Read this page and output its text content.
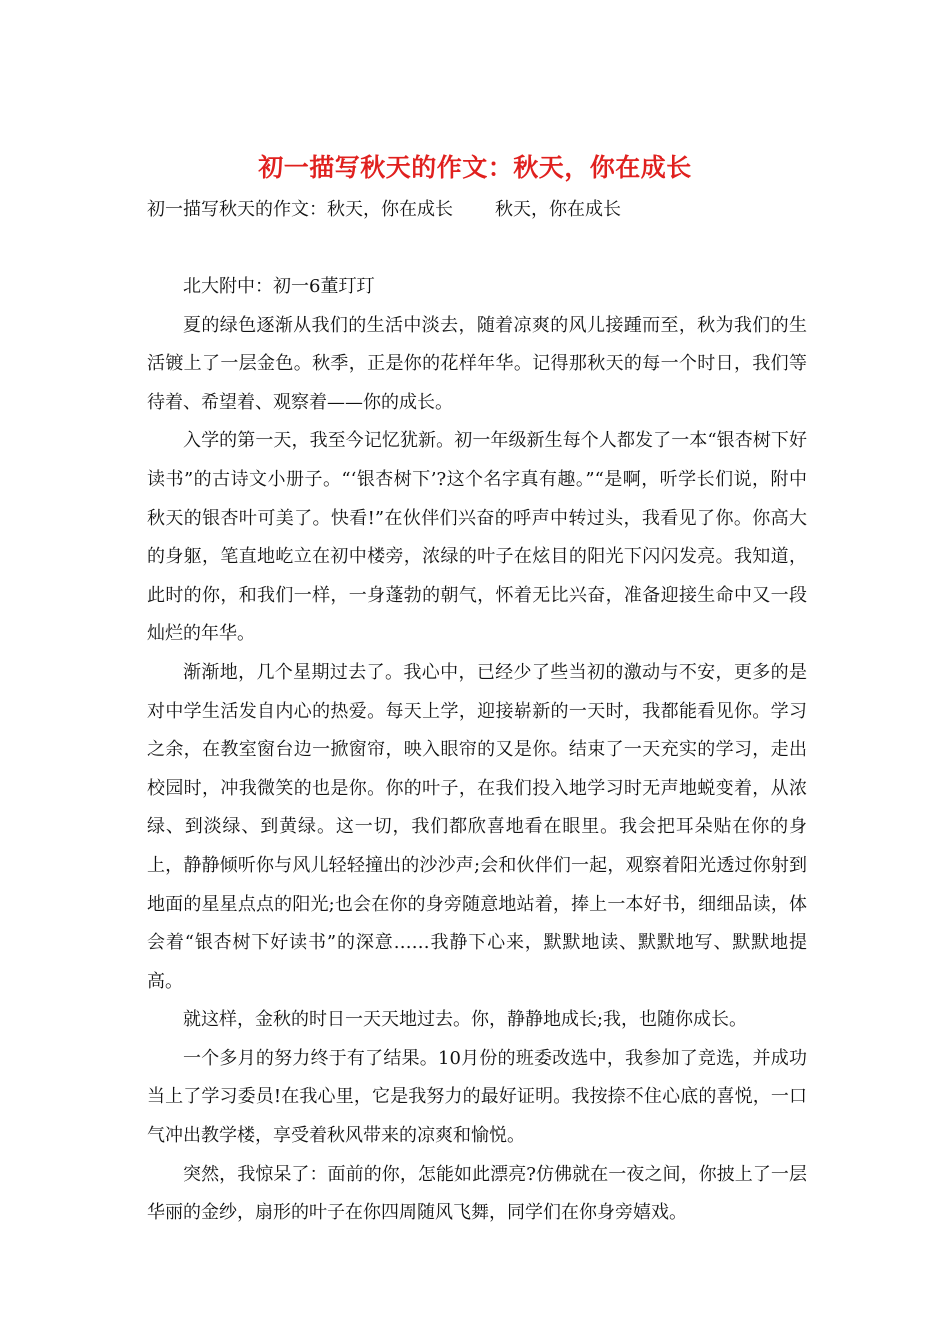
初一描写秋天的作文：秋天，你在成长
初一描写秋天的作文：秋天，你在成长 秋天，你在成长

北大附中：初一6董玎玎

夏的绿色逐渐从我们的生活中淡去，随着凉爽的风儿接踵而至，秋为我们的生活镀上了一层金色。秋季，正是你的花样年华。记得那秋天的每一个时日，我们等待着、希望着、观察着——你的成长。

入学的第一天，我至今记忆犹新。初一年级新生每个人都发了一本“银杏树下好读书”的古诗文小册子。“‘银杏树下’?这个名字真有趣。”“是啊，听学长们说，附中秋天的银杏叶可美了。快看!”在伙伴们兴奋的呼声中转过头，我看见了你。你高大的身躯，笔直地屹立在初中楼旁，浓绿的叶子在炫目的阳光下闪闪发亮。我知道，此时的你，和我们一样，一身蓬勃的朝气，怀着无比兴奋，准备迎接生命中又一段灿烂的年华。

渐渐地，几个星期过去了。我心中，已经少了些当初的激动与不安，更多的是对中学生活发自内心的热爱。每天上学，迎接崭新的一天时，我都能看见你。学习之余，在教室窗台边一掀窗帘，映入眼帘的又是你。结束了一天充实的学习，走出校园时，冲我微笑的也是你。你的叶子，在我们投入地学习时无声地蜕变着，从浓绿、到淡绿、到黄绿。这一切，我们都欣喜地看在眼里。我会把耳朵贴在你的身上，静静倾听你与风儿轻轻撞出的沙沙声;会和伙伴们一起，观察着阳光透过你射到地面的星星点点的阳光;也会在你的身旁随意地站着，捧上一本好书，细细品读，体会着“银杏树下好读书”的深意……我静下心来，默默地读、默默地写、默默地提高。

就这样，金秋的时日一天天地过去。你，静静地成长;我，也随你成长。

一个多月的努力终于有了结果。10月份的班委改选中，我参加了竞选，并成功当上了学习委员!在我心里，它是我努力的最好证明。我按捺不住心底的喜悦，一口气冲出教学楼，享受着秋风带来的凉爽和愉悦。

突然，我惊呆了：面前的你，怎能如此漂亮?仿佛就在一夜之间，你披上了一层华丽的金纱，扇形的叶子在你四周随风飞舞，同学们在你身旁嬉戏。
